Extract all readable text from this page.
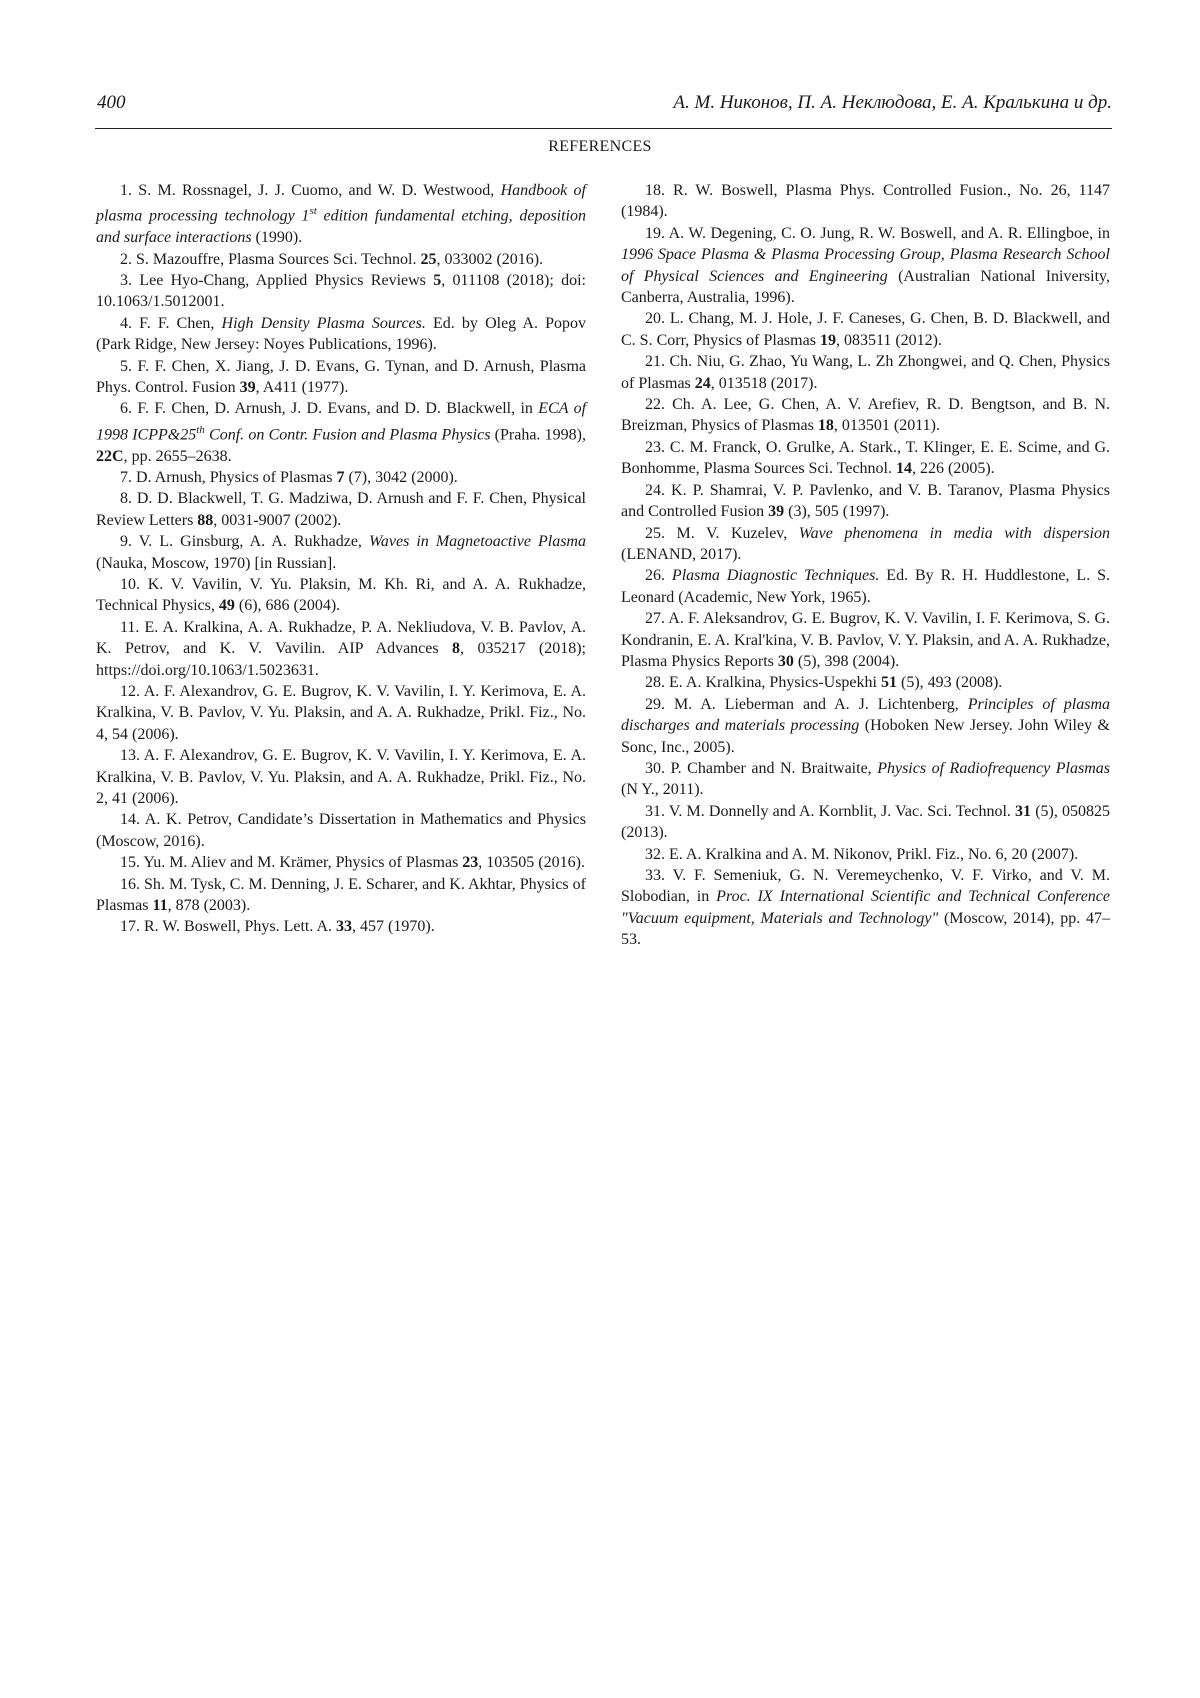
400	А. М. Никонов, П. А. Неклюдова, Е. А. Кралькина и др.
REFERENCES

1. S. M. Rossnagel, J. J. Cuomo, and W. D. Westwood, Handbook of plasma processing technology 1st edition fundamental etching, deposition and surface interactions (1990).

2. S. Mazouffre, Plasma Sources Sci. Technol. 25, 033002 (2016).

3. Lee Hyo-Chang, Applied Physics Reviews 5, 011108 (2018); doi: 10.1063/1.5012001.

4. F. F. Chen, High Density Plasma Sources. Ed. by Oleg A. Popov (Park Ridge, New Jersey: Noyes Publications, 1996).

5. F. F. Chen, X. Jiang, J. D. Evans, G. Tynan, and D. Arnush, Plasma Phys. Control. Fusion 39, A411 (1977).

6. F. F. Chen, D. Arnush, J. D. Evans, and D. D. Blackwell, in ECA of 1998 ICPP&25th Conf. on Contr. Fusion and Plasma Physics (Praha. 1998), 22C, pp. 2655–2638.

7. D. Arnush, Physics of Plasmas 7 (7), 3042 (2000).

8. D. D. Blackwell, T. G. Madziwa, D. Arnush and F. F. Chen, Physical Review Letters 88, 0031-9007 (2002).

9. V. L. Ginsburg, A. A. Rukhadze, Waves in Magnetoactive Plasma (Nauka, Moscow, 1970) [in Russian].

10. K. V. Vavilin, V. Yu. Plaksin, M. Kh. Ri, and A. A. Rukhadze, Technical Physics, 49 (6), 686 (2004).

11. E. A. Kralkina, A. A. Rukhadze, P. A. Nekliudova, V. B. Pavlov, A. K. Petrov, and K. V. Vavilin. AIP Advances 8, 035217 (2018); https://doi.org/10.1063/1.5023631.

12. A. F. Alexandrov, G. E. Bugrov, K. V. Vavilin, I. Y. Kerimova, E. A. Kralkina, V. B. Pavlov, V. Yu. Plaksin, and A. A. Rukhadze, Prikl. Fiz., No. 4, 54 (2006).

13. A. F. Alexandrov, G. E. Bugrov, K. V. Vavilin, I. Y. Kerimova, E. A. Kralkina, V. B. Pavlov, V. Yu. Plaksin, and A. A. Rukhadze, Prikl. Fiz., No. 2, 41 (2006).

14. A. K. Petrov, Candidate’s Dissertation in Mathematics and Physics (Moscow, 2016).

15. Yu. M. Aliev and M. Krämer, Physics of Plasmas 23, 103505 (2016).

16. Sh. M. Tysk, C. M. Denning, J. E. Scharer, and K. Akhtar, Physics of Plasmas 11, 878 (2003).

17. R. W. Boswell, Phys. Lett. A. 33, 457 (1970).

18. R. W. Boswell, Plasma Phys. Controlled Fusion., No. 26, 1147 (1984).

19. A. W. Degening, C. O. Jung, R. W. Boswell, and A. R. Ellingboe, in 1996 Space Plasma & Plasma Processing Group, Plasma Research School of Physical Sciences and Engineering (Australian National Iniversity, Canberra, Australia, 1996).

20. L. Chang, M. J. Hole, J. F. Caneses, G. Chen, B. D. Blackwell, and C. S. Corr, Physics of Plasmas 19, 083511 (2012).

21. Ch. Niu, G. Zhao, Yu Wang, L. Zh Zhongwei, and Q. Chen, Physics of Plasmas 24, 013518 (2017).

22. Ch. A. Lee, G. Chen, A. V. Arefiev, R. D. Bengtson, and B. N. Breizman, Physics of Plasmas 18, 013501 (2011).

23. C. M. Franck, O. Grulke, A. Stark., T. Klinger, E. E. Scime, and G. Bonhomme, Plasma Sources Sci. Technol. 14, 226 (2005).

24. K. P. Shamrai, V. P. Pavlenko, and V. B. Taranov, Plasma Physics and Controlled Fusion 39 (3), 505 (1997).

25. M. V. Kuzelev, Wave phenomena in media with dispersion (LENAND, 2017).

26. Plasma Diagnostic Techniques. Ed. By R. H. Huddlestone, L. S. Leonard (Academic, New York, 1965).

27. A. F. Aleksandrov, G. E. Bugrov, K. V. Vavilin, I. F. Kerimova, S. G. Kondranin, E. A. Kral'kina, V. B. Pavlov, V. Y. Plaksin, and A. A. Rukhadze, Plasma Physics Reports 30 (5), 398 (2004).

28. E. A. Kralkina, Physics-Uspekhi 51 (5), 493 (2008).

29. M. A. Lieberman and A. J. Lichtenberg, Principles of plasma discharges and materials processing (Hoboken New Jersey. John Wiley & Sonc, Inc., 2005).

30. P. Chamber and N. Braitwaite, Physics of Radiofrequency Plasmas (N Y., 2011).

31. V. M. Donnelly and A. Kornblit, J. Vac. Sci. Technol. 31 (5), 050825 (2013).

32. E. A. Kralkina and A. M. Nikonov, Prikl. Fiz., No. 6, 20 (2007).

33. V. F. Semeniuk, G. N. Veremeychenko, V. F. Virko, and V. M. Slobodian, in Proc. IX International Scientific and Technical Conference "Vacuum equipment, Materials and Technology" (Moscow, 2014), pp. 47–53.
